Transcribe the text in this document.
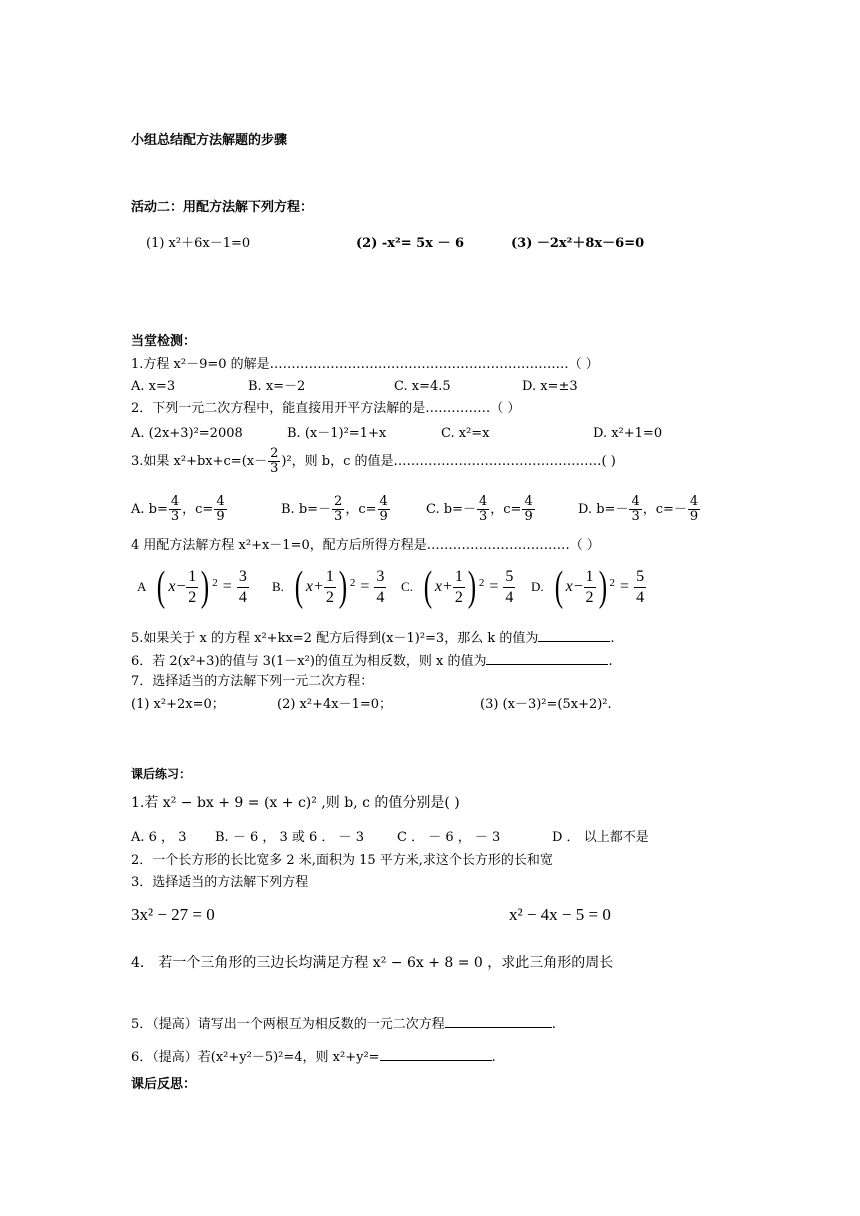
小组总结配方法解题的步骤
活动二：用配方法解下列方程：
(1) x²＋6x－1=0	(2) -x²= 5x － 6	(3) －2x²＋8x－6=0
当堂检测：
1.方程 x²－9=0 的解是……………………………………………………………（ ）
A. x=3	B. x=－2	C. x=4.5	D. x=±3
2．下列一元二次方程中，能直接用开平方法解的是……………（ ）
A. (2x+3)²=2008	B. (x－1)²=1+x	C. x²=x	D. x²+1=0
3.如果 $x^2+bx+c=(x- \frac{2}{3} )^2$，则 b，c 的值是…………………………………………( )
A. $b= \frac{4}{3}$ ，$c= \frac{4}{9}$	B. $b=- \frac{2}{3}$ ，$c= \frac{4}{9}$	C. $b=- \frac{4}{3}$ ，$c= \frac{4}{9}$	D. $b=- \frac{4}{3}$ ，$c=- \frac{4}{9}$
4 用配方法解方程 x²+x－1=0，配方后所得方程是……………………………（ ）
A ( $x- \frac{1}{2}$ ) $2 = \frac{3}{4} B$. ( $x+ \frac{1}{2}$ ) $2 = \frac{3}{4} C$. ( $x+ \frac{1}{2}$ ) $2 = \frac{5}{4} D$. ( $x- \frac{1}{2}$ ) $2 = \frac{5}{4}$
5.如果关于 x 的方程 x²+kx=2 配方后得到(x－1)²=3，那么 k 的值为	.
6．若 2(x²+3)的值与 3(1－x²)的值互为相反数，则 x 的值为	.
7．选择适当的方法解下列一元二次方程：
(1) x²+2x=0；	(2) x²+4x－1=0；	(3) (x－3)²=(5x+2)².
课后练习：
1.若 x² − bx + 9 = (x + c)² ,则 b, c 的值分别是( )
A. 6 ， 3 B. － 6 ， 3 或 6 ． － 3	C ． － 6 ， － 3	D ． 以上都不是
2．一个长方形的长比宽多 2 米,面积为 15 平方米,求这个长方形的长和宽
3．选择适当的方法解下列方程
3x² − 27 = 0	x² − 4x − 5 = 0
4． 若一个三角形的三边长均满足方程 x² − 6x + 8 = 0 ，求此三角形的周长
5．（提高）请写出一个两根互为相反数的一元二次方程	.
6．（提高）若(x²+y²－5)²=4，则 x²+y²=	.
课后反思：
